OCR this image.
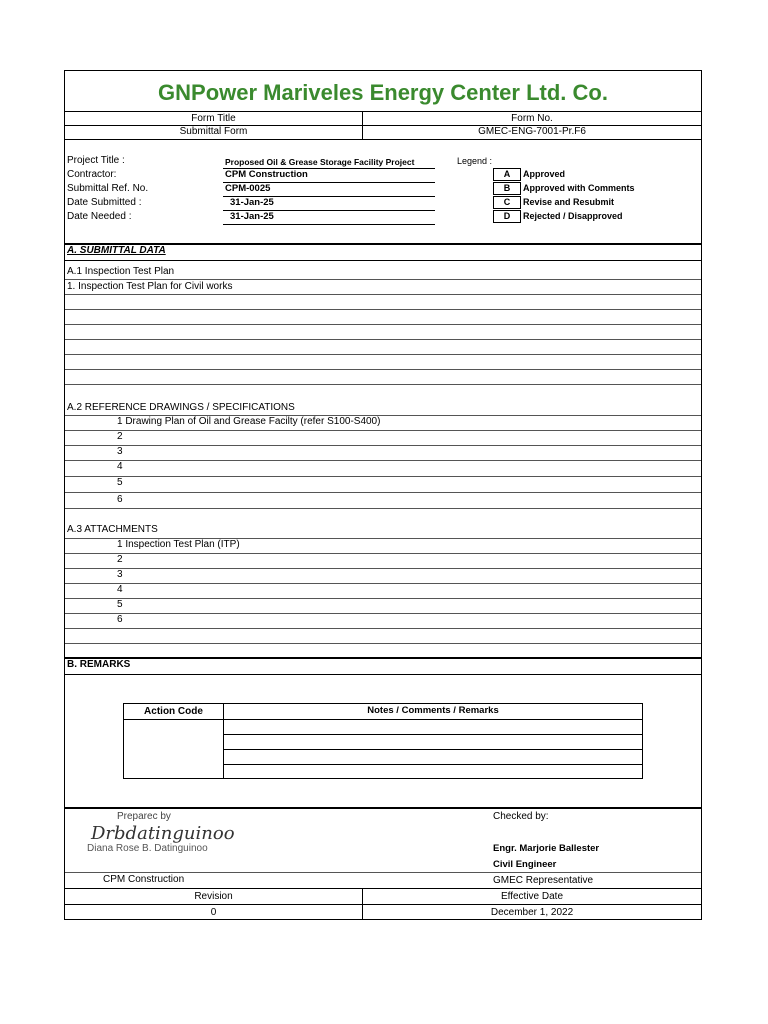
GNPower Mariveles Energy Center Ltd. Co.
Form Title	Form No.
Submittal Form	GMEC-ENG-7001-Pr.F6
Project Title :	Proposed Oil & Grease Storage Facility Project
Contractor:	CPM Construction
Submittal Ref. No.	CPM-0025
Date Submitted :	31-Jan-25
Date Needed :	31-Jan-25
Legend :
A	Approved
B	Approved with Comments
C	Revise and Resubmit
D	Rejected / Disapproved
A. SUBMITTAL DATA
A.1 Inspection Test Plan
1. Inspection Test Plan for Civil works
A.2 REFERENCE DRAWINGS / SPECIFICATIONS
1 Drawing Plan of Oil and Grease Facilty (refer S100-S400)
2
3
4
5
6
A.3 ATTACHMENTS
1 Inspection Test Plan (ITP)
2
3
4
5
6
B. REMARKS
Action Code	Notes / Comments / Remarks
Preparec by
Drbdatinguinoo
Diana Rose B. Datinguinoo
Checked by:
Engr. Marjorie Ballester
Civil Engineer
CPM Construction	GMEC Representative
Revision	Effective Date
0	December 1, 2022
